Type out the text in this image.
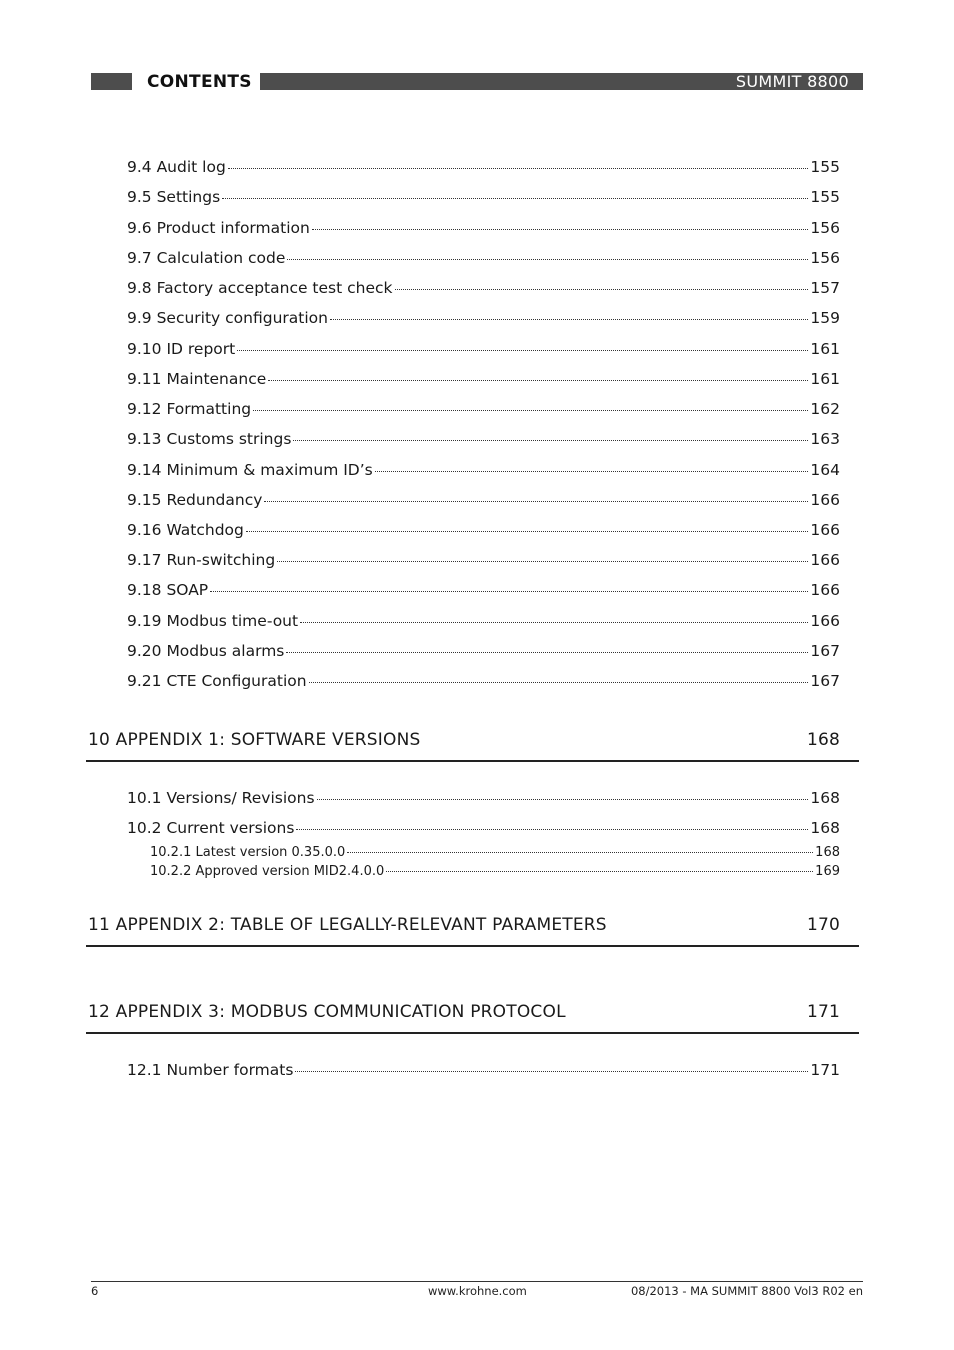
CONTENTS	SUMMIT 8800
9.4 Audit log	155
9.5 Settings	155
9.6 Product information	156
9.7 Calculation code	156
9.8 Factory acceptance test check	157
9.9 Security configuration	159
9.10 ID report	161
9.11 Maintenance	161
9.12 Formatting	162
9.13 Customs strings	163
9.14 Minimum & maximum ID’s	164
9.15 Redundancy	166
9.16 Watchdog	166
9.17 Run-switching	166
9.18 SOAP	166
9.19 Modbus time-out	166
9.20 Modbus alarms	167
9.21 CTE Configuration	167
10 APPENDIX 1: SOFTWARE VERSIONS	168
10.1 Versions/ Revisions	168
10.2 Current versions	168
10.2.1 Latest version 0.35.0.0	168
10.2.2 Approved version MID2.4.0.0	169
11 APPENDIX 2: TABLE OF LEGALLY-RELEVANT PARAMETERS	170
12 APPENDIX 3: MODBUS COMMUNICATION PROTOCOL	171
12.1 Number formats	171
6	www.krohne.com	08/2013 - MA SUMMIT 8800 Vol3 R02 en
